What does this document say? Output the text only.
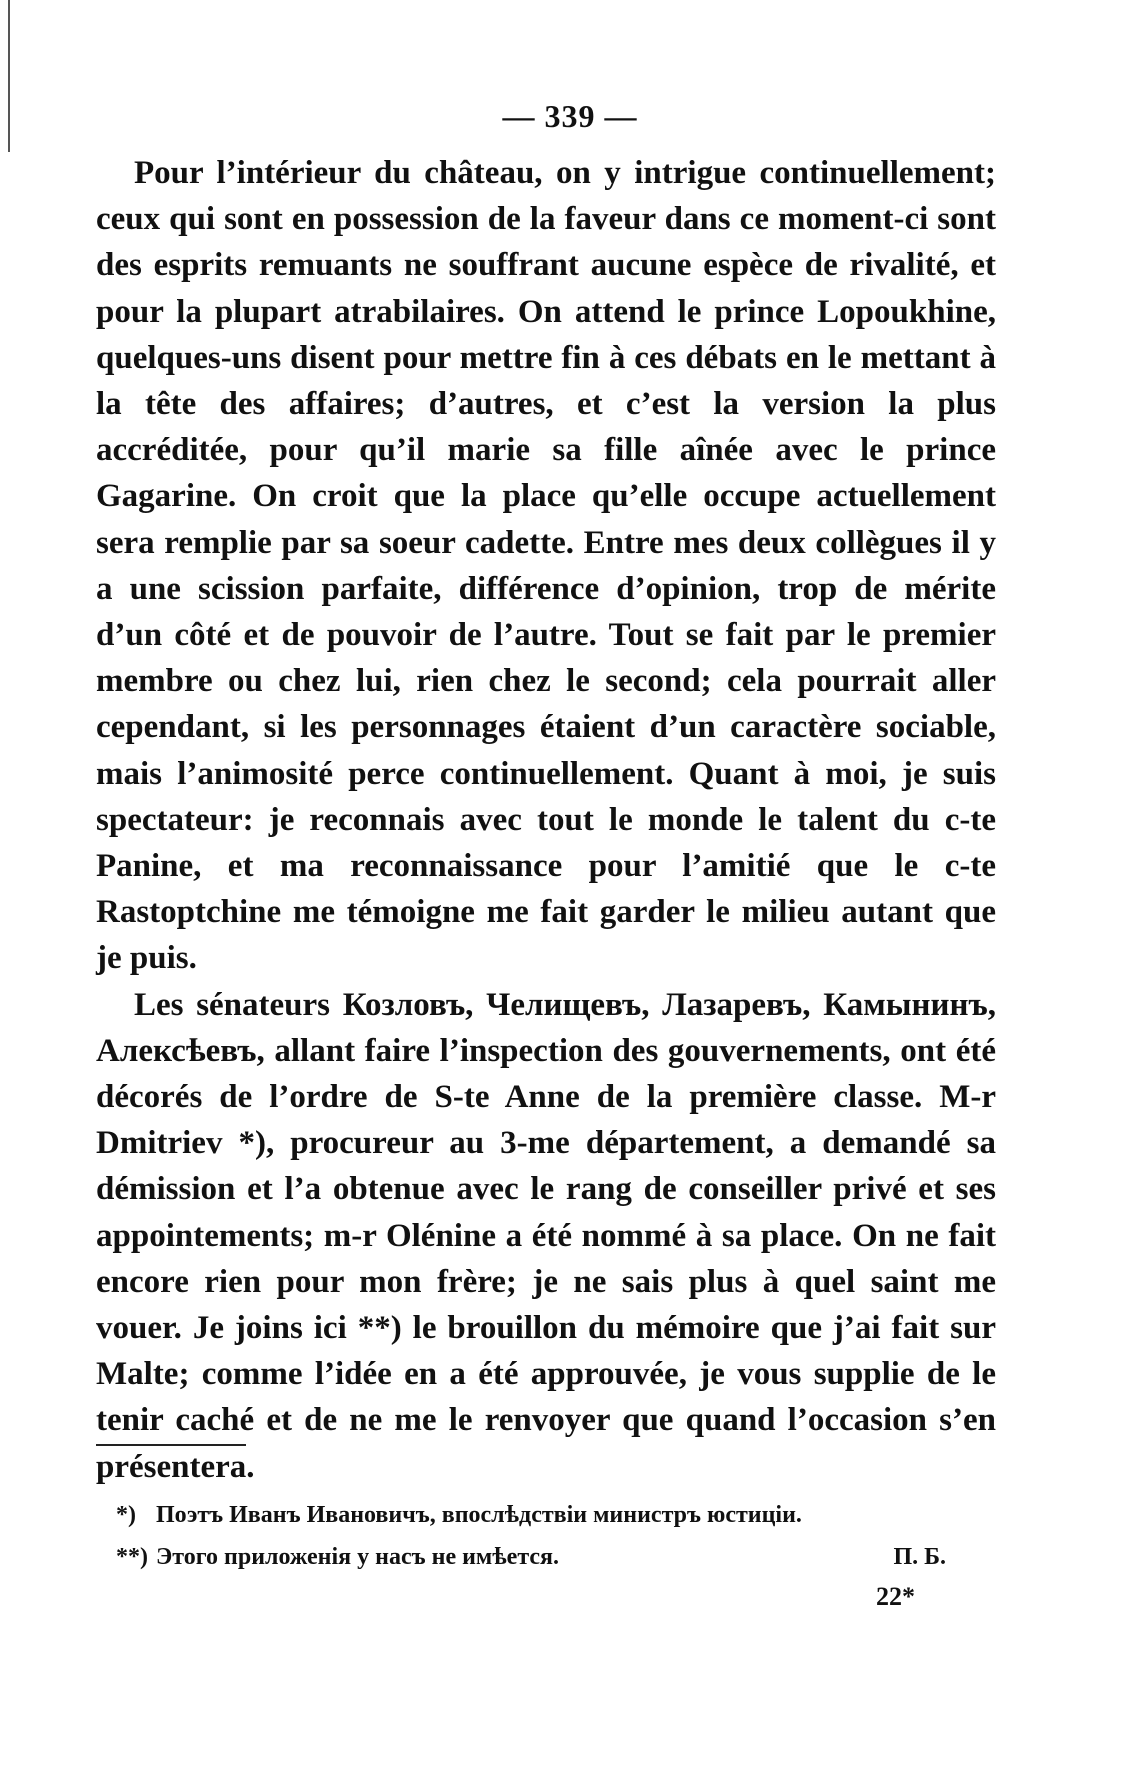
— 339 —

Pour l’intérieur du château, on y intrigue continuellement; ceux qui sont en possession de la faveur dans ce moment-ci sont des esprits remuants ne souffrant aucune espèce de rivalité, et pour la plupart atrabilaires. On attend le prince Lopoukhine, quelques-uns disent pour mettre fin à ces débats en le mettant à la tête des affaires; d’autres, et c’est la version la plus accréditée, pour qu’il marie sa fille aînée avec le prince Gagarine. On croit que la place qu’elle occupe actuellement sera remplie par sa soeur cadette. Entre mes deux collègues il y a une scission parfaite, différence d’opinion, trop de mérite d’un côté et de pouvoir de l’autre. Tout se fait par le premier membre ou chez lui, rien chez le second; cela pourrait aller cependant, si les personnages étaient d’un caractère sociable, mais l’animosité perce continuellement. Quant à moi, je suis spectateur: je reconnais avec tout le monde le talent du c-te Panine, et ma reconnaissance pour l’amitié que le c-te Rastoptchine me témoigne me fait garder le milieu autant que je puis.

Les sénateurs Козловъ, Челищевъ, Лазаревъ, Камынинъ, Алексѣевъ, allant faire l’inspection des gouvernements, ont été décorés de l’ordre de S-te Anne de la première classe. M-r Dmitriev *), procureur au 3-me département, a demandé sa démission et l’a obtenue avec le rang de conseiller privé et ses appointements; m-r Olénine a été nommé à sa place. On ne fait encore rien pour mon frère; je ne sais plus à quel saint me vouer. Je joins ici **) le brouillon du mémoire que j’ai fait sur Malte; comme l’idée en a été approuvée, je vous supplie de le tenir caché et de ne me le renvoyer que quand l’occasion s’en présentera.

*) Поэтъ Иванъ Ивановичъ, впослѣдствіи министръ юстиціи.
**) Этого приложенія у насъ не имѣется.	П. Б.
22*
